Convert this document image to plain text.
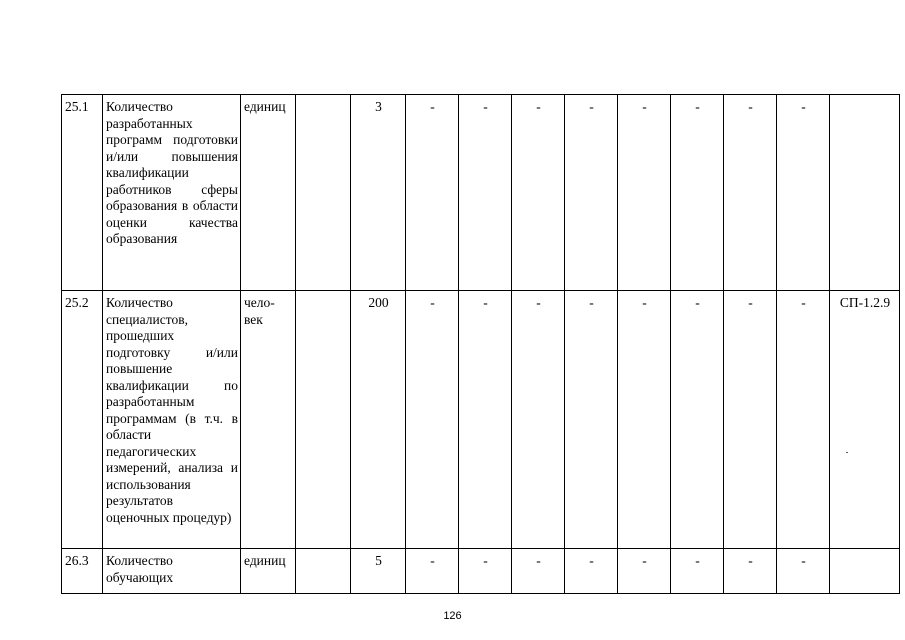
25.1	Количество разработанных программ подготовки и/или повышения квалификации работников сферы образования в области оценки качества образования	единиц		3	-	-	-	-	-	-	-	-	
25.2	Количество специалистов, прошедших подготовку и/или повышение квалификации по разработанным программам (в т.ч. в области педагогических измерений, анализа и использования результатов оценочных процедур)	чело-
век		200	-	-	-	-	-	-	-	-	СП-1.2.9
26.3	Количество обучающих	единиц		5	-	-	-	-	-	-	-	-	
126
